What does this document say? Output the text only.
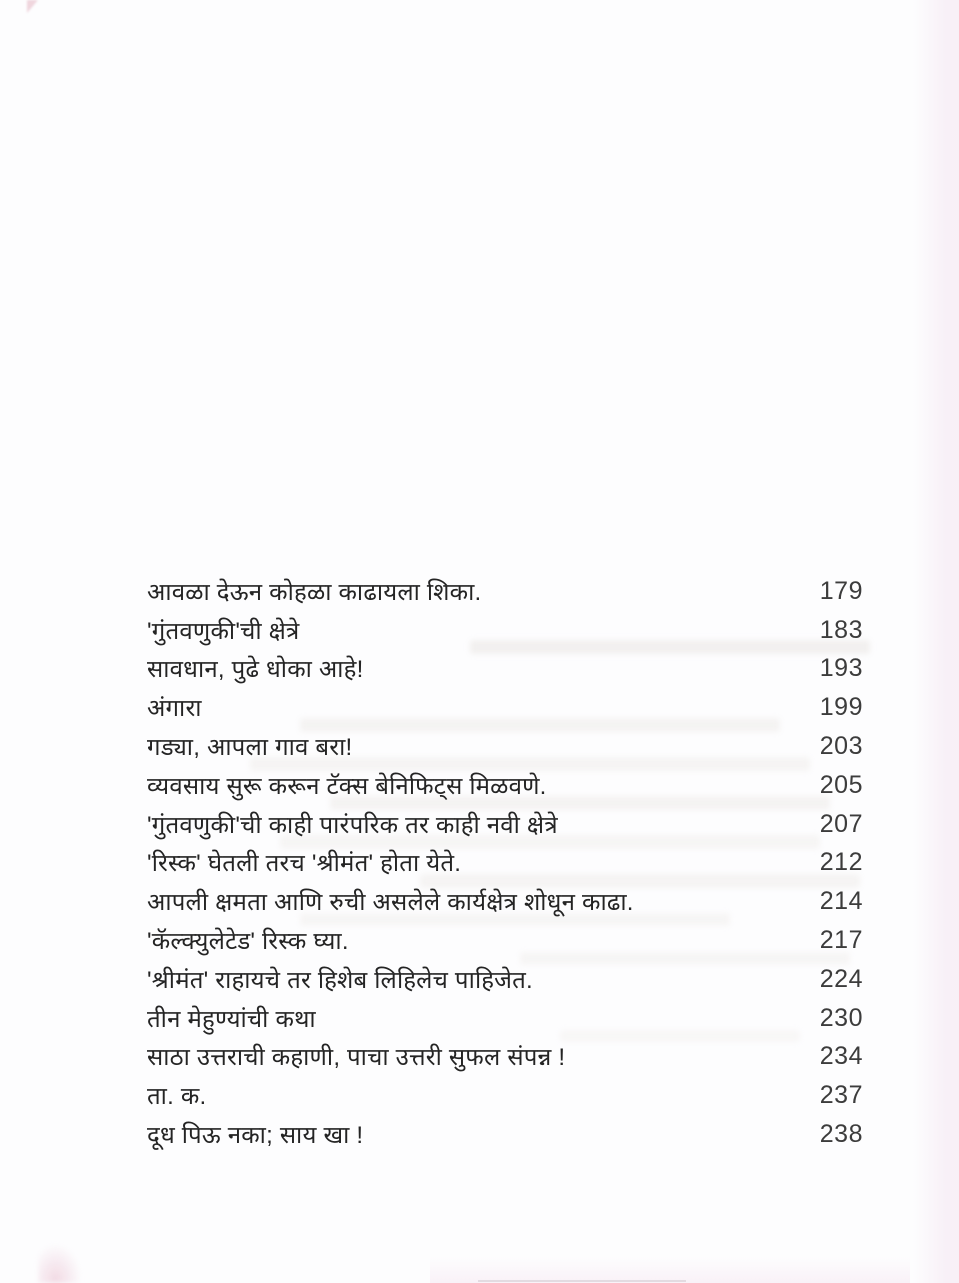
आवळा देऊन कोहळा काढायला शिका.	179
'गुंतवणुकी'ची क्षेत्रे	183
सावधान, पुढे धोका आहे!	193
अंगारा	199
गड्या, आपला गाव बरा!	203
व्यवसाय सुरू करून टॅक्स बेनिफिट्स मिळवणे.	205
'गुंतवणुकी'ची काही पारंपरिक तर काही नवी क्षेत्रे	207
'रिस्क' घेतली तरच 'श्रीमंत' होता येते.	212
आपली क्षमता आणि रुची असलेले कार्यक्षेत्र शोधून काढा.	214
'कॅल्क्युलेटेड' रिस्क घ्या.	217
'श्रीमंत' राहायचे तर हिशेब लिहिलेच पाहिजेत.	224
तीन मेहुण्यांची कथा	230
साठा उत्तराची कहाणी, पाचा उत्तरी सुफल संपन्न !	234
ता. क.	237
दूध पिऊ नका; साय खा !	238
